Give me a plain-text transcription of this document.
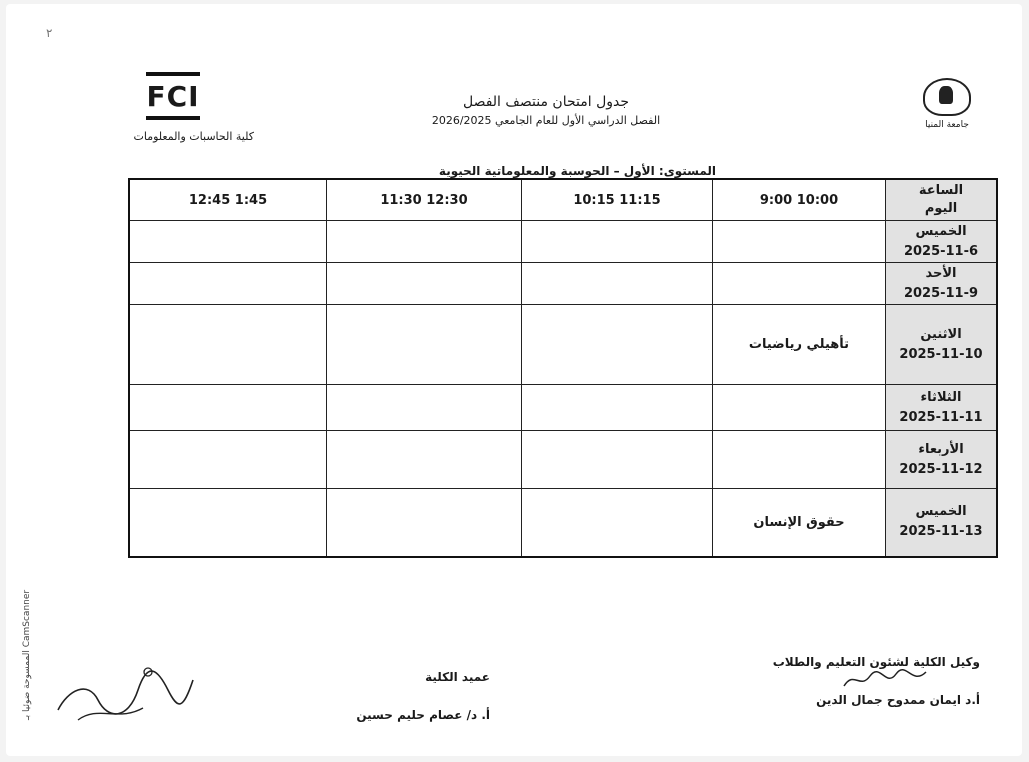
٢
جامعة المنيا
FCI
كلية الحاسبات والمعلومات
جدول امتحان منتصف الفصل
الفصل الدراسي الأول للعام الجامعي 2026/2025
المستوى: الأول – الحوسبة والمعلوماتية الحيوية
12:45 1:45	11:30 12:30	10:15 11:15	9:00 10:00	الساعة
اليوم

				الخميس
2025-11-6

				الأحد
2025-11-9

			تأهيلي رياضيات	الاثنين
2025-11-10

				الثلاثاء
2025-11-11

				الأربعاء
2025-11-12

			حقوق الإنسان	الخميس
2025-11-13
وكيل الكلية لشئون التعليم والطلاب
أ.د ايمان ممدوح جمال الدين
عميد الكلية
أ. د/ عصام حليم حسين
CamScanner الممسوحة ضوئيا بـ
